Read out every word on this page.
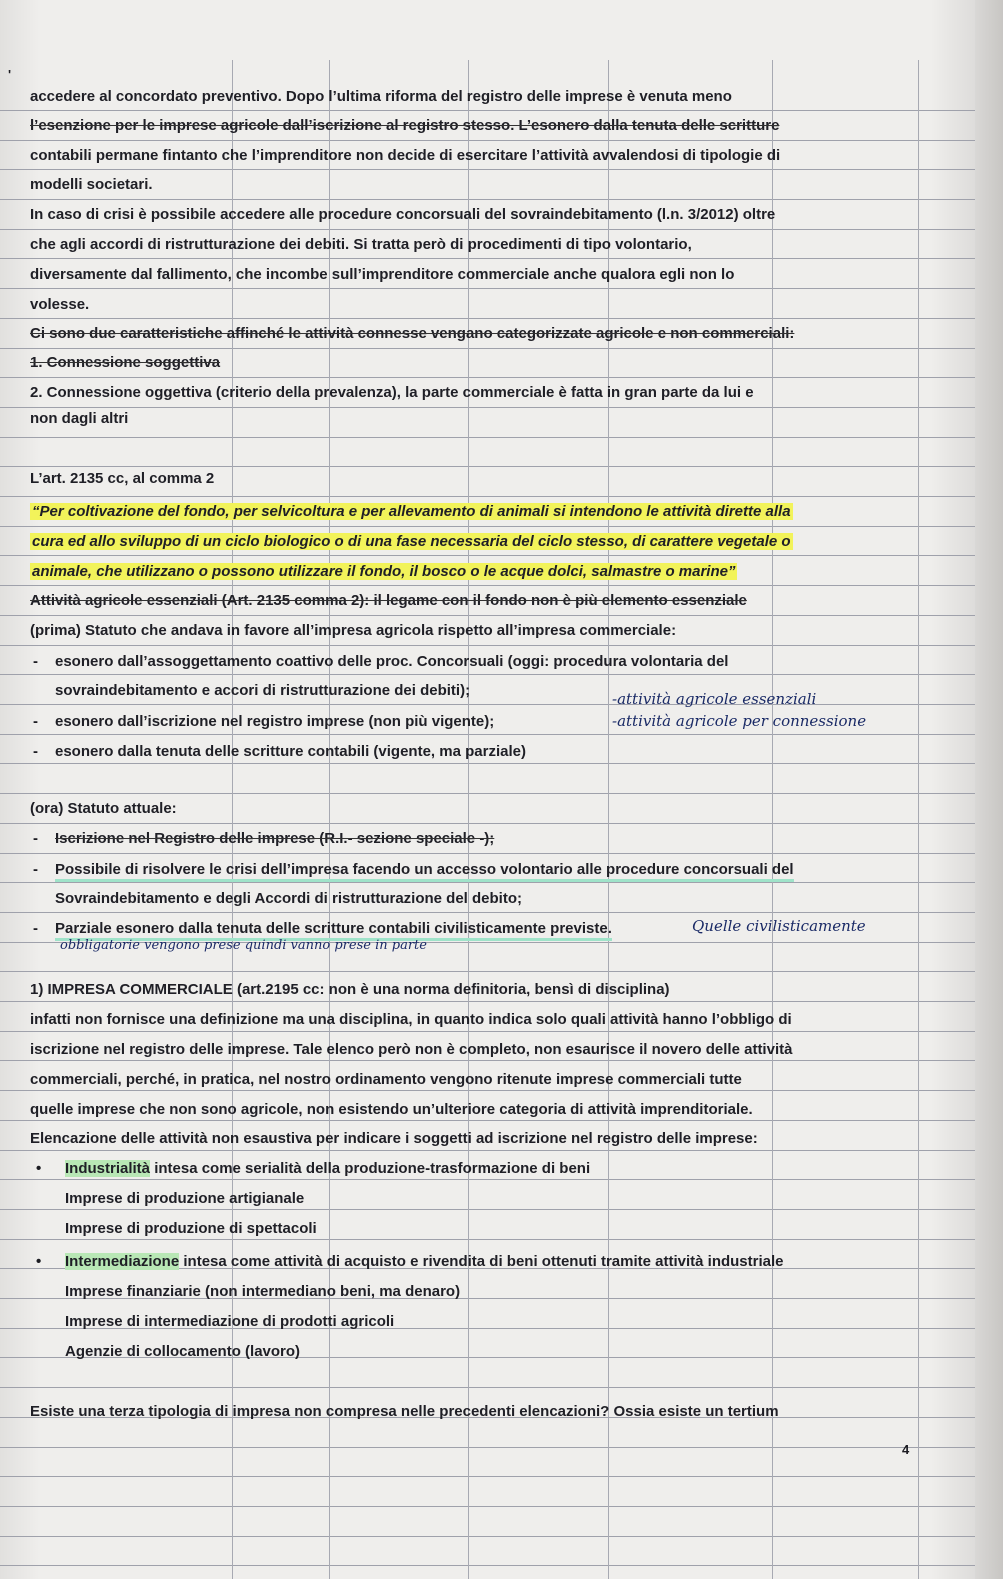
'
accedere al concordato preventivo. Dopo l’ultima riforma del registro delle imprese è venuta meno
l’esenzione per le imprese agricole dall’iscrizione al registro stesso. L’esonero dalla tenuta delle scritture
contabili permane fintanto che l’imprenditore non decide di esercitare l’attività avvalendosi di tipologie di
modelli societari.
In caso di crisi è possibile accedere alle procedure concorsuali del sovraindebitamento (l.n. 3/2012) oltre
che agli accordi di ristrutturazione dei debiti. Si tratta però di procedimenti di tipo volontario,
diversamente dal fallimento, che incombe sull’imprenditore commerciale anche qualora egli non lo
volesse.
Ci sono due caratteristiche affinché le attività connesse vengano categorizzate agricole e non commerciali:
1. Connessione soggettiva
2. Connessione oggettiva (criterio della prevalenza), la parte commerciale è fatta in gran parte da lui e
non dagli altri
L’art. 2135 cc, al comma 2
“Per coltivazione del fondo, per selvicoltura e per allevamento di animali si intendono le attività dirette alla
cura ed allo sviluppo di un ciclo biologico o di una fase necessaria del ciclo stesso, di carattere vegetale o
animale, che utilizzano o possono utilizzare il fondo, il bosco o le acque dolci, salmastre o marine”
Attività agricole essenziali (Art. 2135 comma 2): il legame con il fondo non è più elemento essenziale
(prima) Statuto che andava in favore all’impresa agricola rispetto all’impresa commerciale:
- esonero dall’assoggettamento coattivo delle proc. Concorsuali (oggi: procedura volontaria del
sovraindebitamento e accori di ristrutturazione dei debiti);
- esonero dall’iscrizione nel registro imprese (non più vigente);
- esonero dalla tenuta delle scritture contabili (vigente, ma parziale)
-attività agricole essenziali
-attività agricole per connessione
(ora) Statuto attuale:
- Iscrizione nel Registro delle imprese (R.I.- sezione speciale -);
- Possibile di risolvere le crisi dell’impresa facendo un accesso volontario alle procedure concorsuali del
Sovraindebitamento e degli Accordi di ristrutturazione del debito;
- Parziale esonero dalla tenuta delle scritture contabili civilisticamente previste.	Quelle civilisticamente
obbligatorie vengono prese quindi vanno prese in parte
1) IMPRESA COMMERCIALE (art.2195 cc: non è una norma definitoria, bensì di disciplina)
infatti non fornisce una definizione ma una disciplina, in quanto indica solo quali attività hanno l’obbligo di
iscrizione nel registro delle imprese. Tale elenco però non è completo, non esaurisce il novero delle attività
commerciali, perché, in pratica, nel nostro ordinamento vengono ritenute imprese commerciali tutte
quelle imprese che non sono agricole, non esistendo un’ulteriore categoria di attività imprenditoriale.
Elencazione delle attività non esaustiva per indicare i soggetti ad iscrizione nel registro delle imprese:
• Industrialità intesa come serialità della produzione-trasformazione di beni
Imprese di produzione artigianale
Imprese di produzione di spettacoli
• Intermediazione intesa come attività di acquisto e rivendita di beni ottenuti tramite attività industriale
Imprese finanziarie (non intermediano beni, ma denaro)
Imprese di intermediazione di prodotti agricoli
Agenzie di collocamento (lavoro)
Esiste una terza tipologia di impresa non compresa nelle precedenti elencazioni? Ossia esiste un tertium
4
